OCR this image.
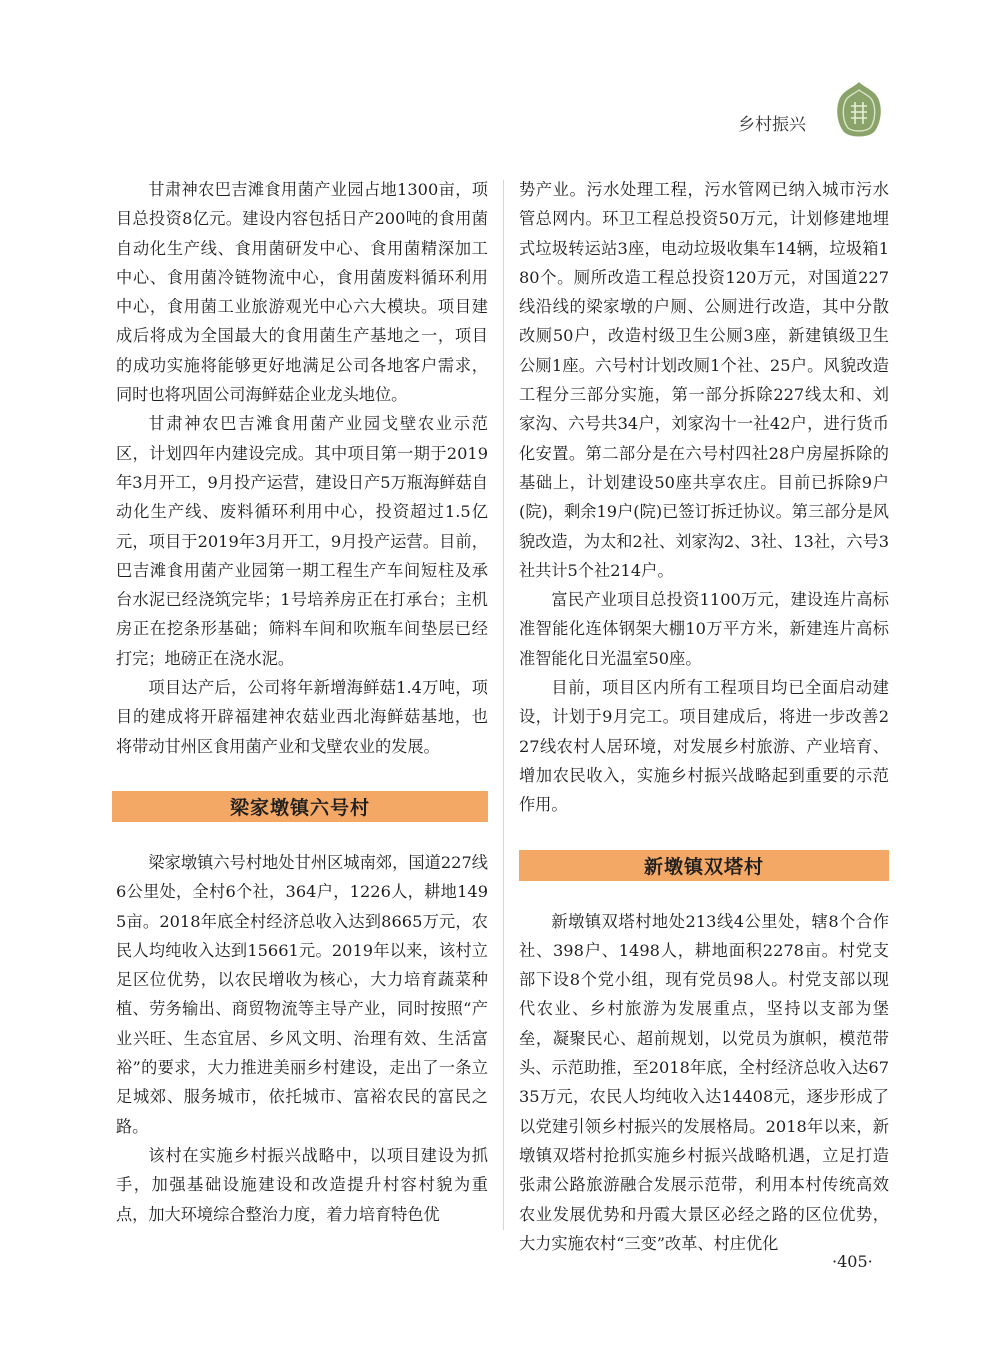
乡村振兴

甘肃神农巴吉滩食用菌产业园占地1300亩，项目总投资8亿元。建设内容包括日产200吨的食用菌自动化生产线、食用菌研发中心、食用菌精深加工中心、食用菌冷链物流中心，食用菌废料循环利用中心，食用菌工业旅游观光中心六大模块。项目建成后将成为全国最大的食用菌生产基地之一，项目的成功实施将能够更好地满足公司各地客户需求，同时也将巩固公司海鲜菇企业龙头地位。

甘肃神农巴吉滩食用菌产业园戈壁农业示范区，计划四年内建设完成。其中项目第一期于2019年3月开工，9月投产运营，建设日产5万瓶海鲜菇自动化生产线、废料循环利用中心，投资超过1.5亿元，项目于2019年3月开工，9月投产运营。目前，巴吉滩食用菌产业园第一期工程生产车间短柱及承台水泥已经浇筑完毕；1号培养房正在打承台；主机房正在挖条形基础；筛料车间和吹瓶车间垫层已经打完；地磅正在浇水泥。

项目达产后，公司将年新增海鲜菇1.4万吨，项目的建成将开辟福建神农菇业西北海鲜菇基地，也将带动甘州区食用菌产业和戈壁农业的发展。

梁家墩镇六号村

梁家墩镇六号村地处甘州区城南郊，国道227线6公里处，全村6个社，364户，1226人，耕地1495亩。2018年底全村经济总收入达到8665万元，农民人均纯收入达到15661元。2019年以来，该村立足区位优势，以农民增收为核心，大力培育蔬菜种植、劳务输出、商贸物流等主导产业，同时按照“产业兴旺、生态宜居、乡风文明、治理有效、生活富裕”的要求，大力推进美丽乡村建设，走出了一条立足城郊、服务城市，依托城市、富裕农民的富民之路。

该村在实施乡村振兴战略中，以项目建设为抓手，加强基础设施建设和改造提升村容村貌为重点，加大环境综合整治力度，着力培育特色优

势产业。污水处理工程，污水管网已纳入城市污水管总网内。环卫工程总投资50万元，计划修建地埋式垃圾转运站3座，电动垃圾收集车14辆，垃圾箱180个。厕所改造工程总投资120万元，对国道227线沿线的梁家墩的户厕、公厕进行改造，其中分散改厕50户，改造村级卫生公厕3座，新建镇级卫生公厕1座。六号村计划改厕1个社、25户。风貌改造工程分三部分实施，第一部分拆除227线太和、刘家沟、六号共34户，刘家沟十一社42户，进行货币化安置。第二部分是在六号村四社28户房屋拆除的基础上，计划建设50座共享农庄。目前已拆除9户(院)，剩余19户(院)已签订拆迁协议。第三部分是风貌改造，为太和2社、刘家沟2、3社、13社，六号3社共计5个社214户。

富民产业项目总投资1100万元，建设连片高标准智能化连体钢架大棚10万平方米，新建连片高标准智能化日光温室50座。

目前，项目区内所有工程项目均已全面启动建设，计划于9月完工。项目建成后，将进一步改善227线农村人居环境，对发展乡村旅游、产业培育、增加农民收入，实施乡村振兴战略起到重要的示范作用。

新墩镇双塔村

新墩镇双塔村地处213线4公里处，辖8个合作社、398户、1498人，耕地面积2278亩。村党支部下设8个党小组，现有党员98人。村党支部以现代农业、乡村旅游为发展重点，坚持以支部为堡垒，凝聚民心、超前规划，以党员为旗帜，模范带头、示范助推，至2018年底，全村经济总收入达6735万元，农民人均纯收入达14408元，逐步形成了以党建引领乡村振兴的发展格局。2018年以来，新墩镇双塔村抢抓实施乡村振兴战略机遇，立足打造张肃公路旅游融合发展示范带，利用本村传统高效农业发展优势和丹霞大景区必经之路的区位优势，大力实施农村“三变”改革、村庄优化

·405·
